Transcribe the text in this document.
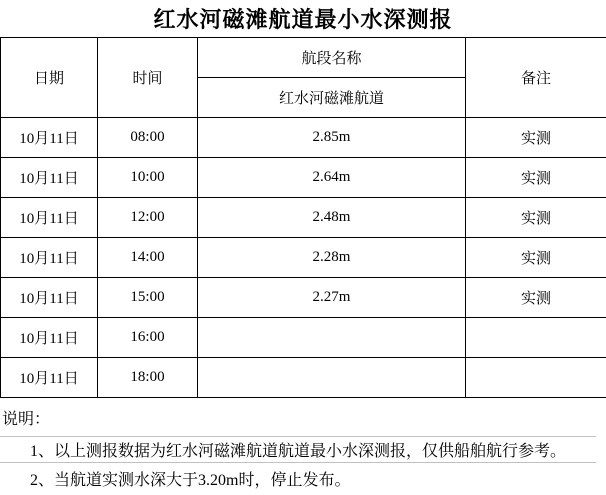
红水河磁滩航道最小水深测报
日期	时间	航段名称	备注
		红水河磁滩航道	
10月11日	08:00	2.85m	实测
10月11日	10:00	2.64m	实测
10月11日	12:00	2.48m	实测
10月11日	14:00	2.28m	实测
10月11日	15:00	2.27m	实测
10月11日	16:00		
10月11日	18:00		
说明：
1、以上测报数据为红水河磁滩航道航道最小水深测报，仅供船舶航行参考。
2、当航道实测水深大于3.20m时，停止发布。
